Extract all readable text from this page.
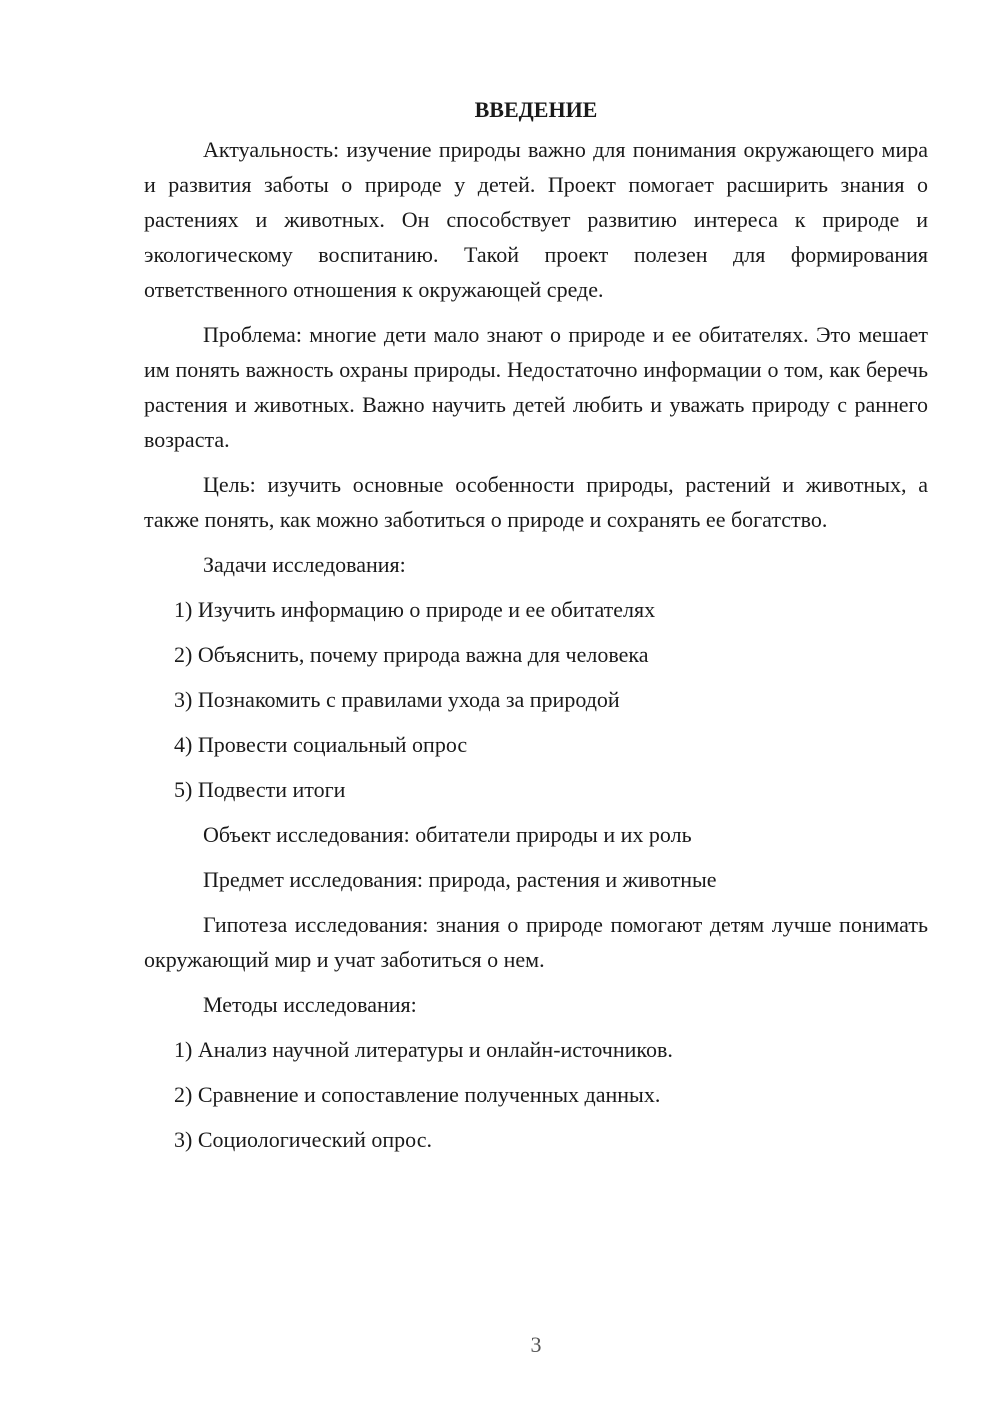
ВВЕДЕНИЕ

Актуальность: изучение природы важно для понимания окружающего мира и развития заботы о природе у детей. Проект помогает расширить знания о растениях и животных. Он способствует развитию интереса к природе и экологическому воспитанию. Такой проект полезен для формирования ответственного отношения к окружающей среде.

Проблема: многие дети мало знают о природе и ее обитателях. Это мешает им понять важность охраны природы. Недостаточно информации о том, как беречь растения и животных. Важно научить детей любить и уважать природу с раннего возраста.

Цель: изучить основные особенности природы, растений и животных, а также понять, как можно заботиться о природе и сохранять ее богатство.

Задачи исследования:

1) Изучить информацию о природе и ее обитателях

2) Объяснить, почему природа важна для человека

3) Познакомить с правилами ухода за природой

4) Провести социальный опрос

5) Подвести итоги

Объект исследования: обитатели природы и их роль

Предмет исследования: природа, растения и животные

Гипотеза исследования: знания о природе помогают детям лучше понимать окружающий мир и учат заботиться о нем.

Методы исследования:

1) Анализ научной литературы и онлайн-источников.

2) Сравнение и сопоставление полученных данных.

3) Социологический опрос.

3
